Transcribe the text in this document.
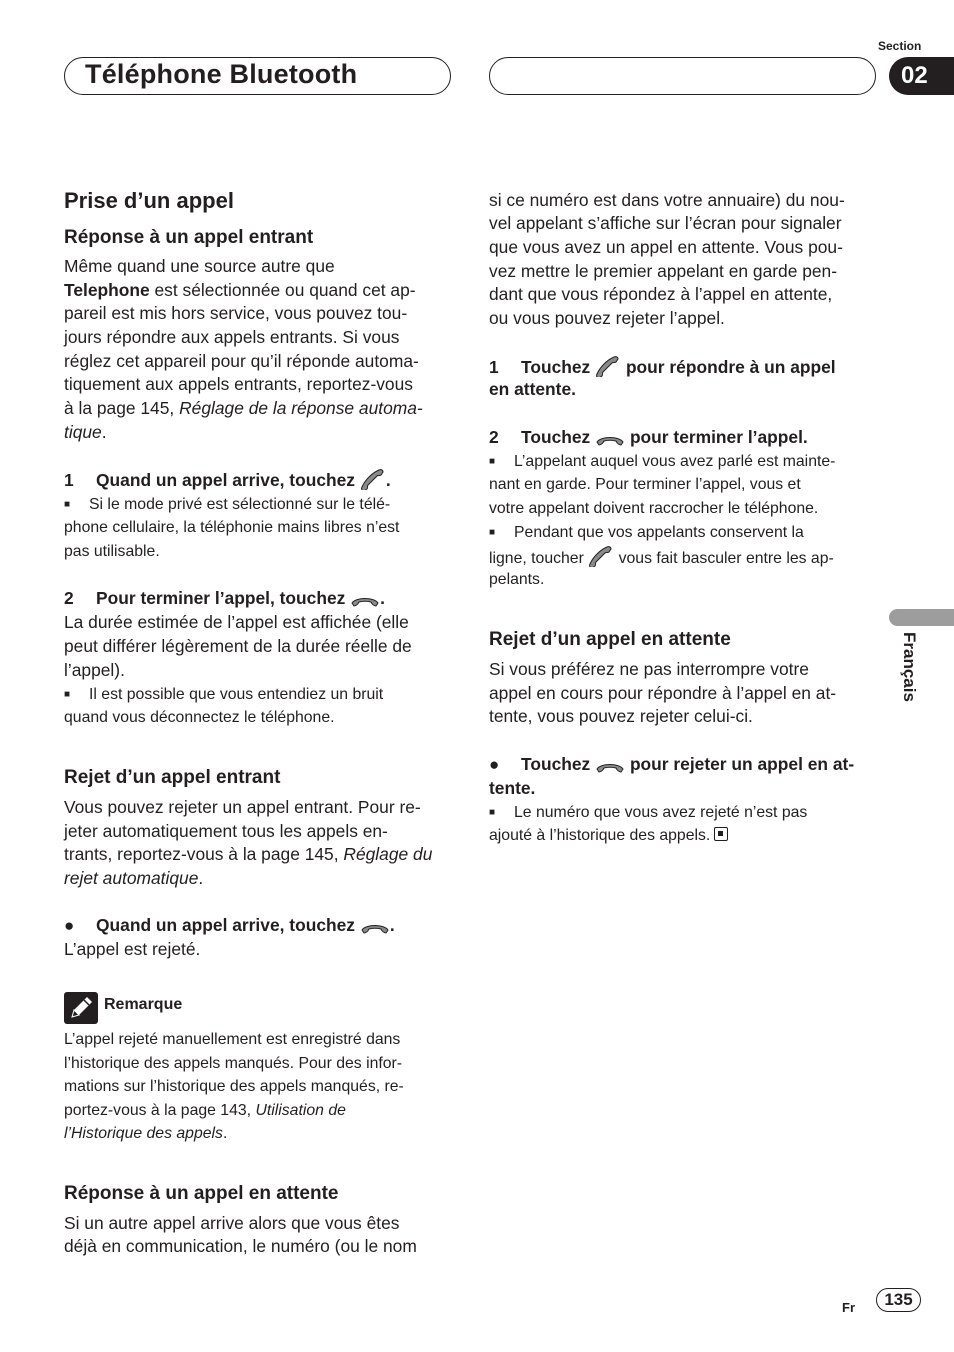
Téléphone Bluetooth
Section
02
Français
Prise d’un appel
Réponse à un appel entrant
Même quand une source autre que
Telephone est sélectionnée ou quand cet ap-
pareil est mis hors service, vous pouvez tou-
jours répondre aux appels entrants. Si vous
réglez cet appareil pour qu’il réponde automa-
tiquement aux appels entrants, reportez-vous
à la page 145, Réglage de la réponse automa-
tique.
1 Quand un appel arrive, touchez .
■ Si le mode privé est sélectionné sur le télé-
phone cellulaire, la téléphonie mains libres n’est
pas utilisable.
2 Pour terminer l’appel, touchez .
La durée estimée de l’appel est affichée (elle
peut différer légèrement de la durée réelle de
l’appel).
■ Il est possible que vous entendiez un bruit
quand vous déconnectez le téléphone.
Rejet d’un appel entrant
Vous pouvez rejeter un appel entrant. Pour re-
jeter automatiquement tous les appels en-
trants, reportez-vous à la page 145, Réglage du
rejet automatique.
● Quand un appel arrive, touchez .
L’appel est rejeté.
Remarque
L’appel rejeté manuellement est enregistré dans
l’historique des appels manqués. Pour des infor-
mations sur l’historique des appels manqués, re-
portez-vous à la page 143, Utilisation de
l’Historique des appels.
Réponse à un appel en attente
Si un autre appel arrive alors que vous êtes
déjà en communication, le numéro (ou le nom
si ce numéro est dans votre annuaire) du nou-
vel appelant s’affiche sur l’écran pour signaler
que vous avez un appel en attente. Vous pou-
vez mettre le premier appelant en garde pen-
dant que vous répondez à l’appel en attente,
ou vous pouvez rejeter l’appel.
1 Touchez pour répondre à un appel
en attente.
2 Touchez pour terminer l’appel.
■ L’appelant auquel vous avez parlé est mainte-
nant en garde. Pour terminer l’appel, vous et
votre appelant doivent raccrocher le téléphone.
■ Pendant que vos appelants conservent la
ligne, toucher vous fait basculer entre les ap-
pelants.
Rejet d’un appel en attente
Si vous préférez ne pas interrompre votre
appel en cours pour répondre à l’appel en at-
tente, vous pouvez rejeter celui-ci.
● Touchez pour rejeter un appel en at-
tente.
■ Le numéro que vous avez rejeté n’est pas
ajouté à l’historique des appels.
Fr	135
